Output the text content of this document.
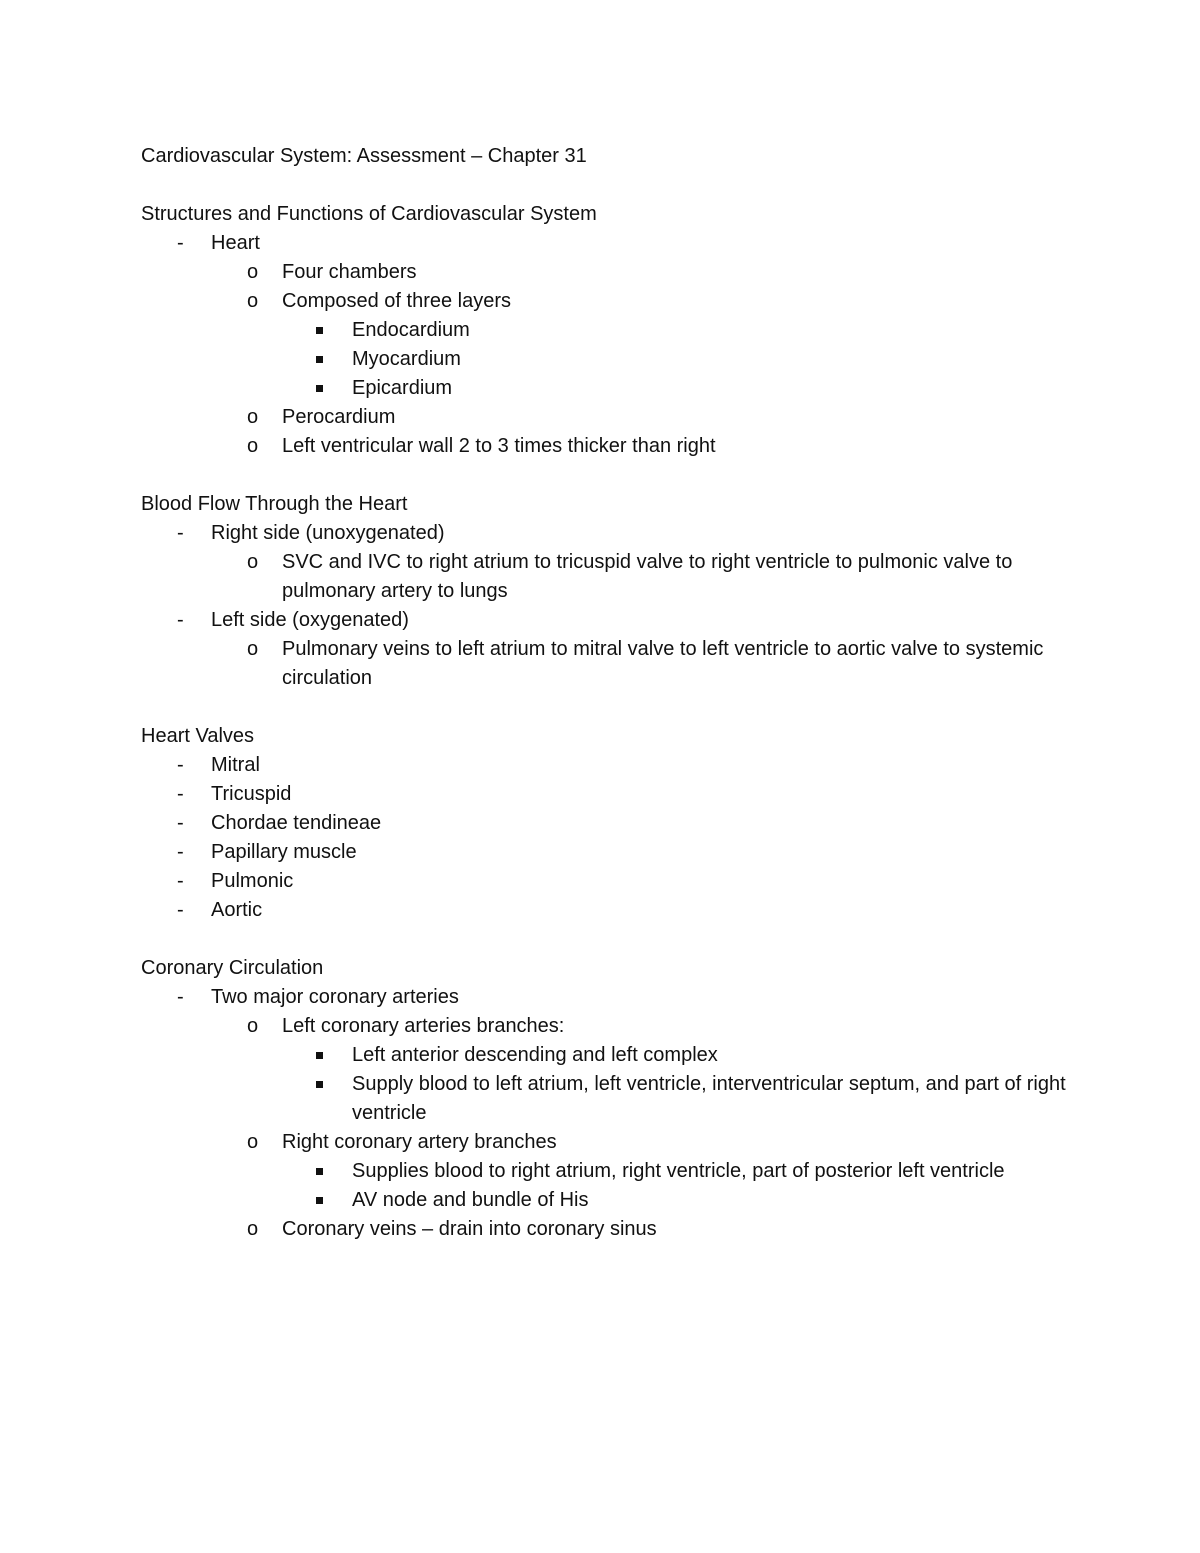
Cardiovascular System: Assessment – Chapter 31
Structures and Functions of Cardiovascular System
- Heart
o Four chambers
o Composed of three layers
Endocardium
Myocardium
Epicardium
o Perocardium
o Left ventricular wall 2 to 3 times thicker than right
Blood Flow Through the Heart
- Right side (unoxygenated)
o SVC and IVC to right atrium to tricuspid valve to right ventricle to pulmonic valve to pulmonary artery to lungs
- Left side (oxygenated)
o Pulmonary veins to left atrium to mitral valve to left ventricle to aortic valve to systemic circulation
Heart Valves
- Mitral
- Tricuspid
- Chordae tendineae
- Papillary muscle
- Pulmonic
- Aortic
Coronary Circulation
- Two major coronary arteries
o Left coronary arteries branches:
Left anterior descending and left complex
Supply blood to left atrium, left ventricle, interventricular septum, and part of right ventricle
o Right coronary artery branches
Supplies blood to right atrium, right ventricle, part of posterior left ventricle
AV node and bundle of His
o Coronary veins – drain into coronary sinus
